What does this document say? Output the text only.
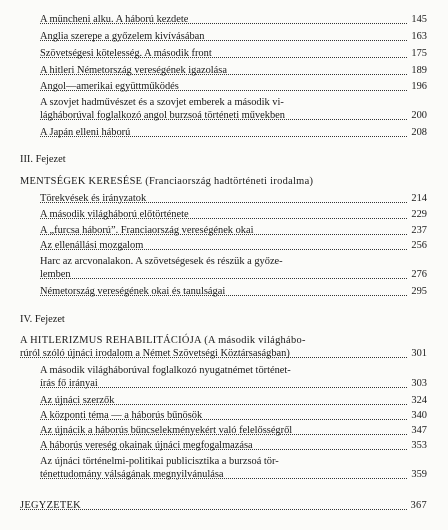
A müncheni alku. A háború kezdete	145
Anglia szerepe a győzelem kivívásában	163
Szövetségesi kötelesség. A második front	175
A hitleri Németország vereségének igazolása	189
Angol—amerikai együttműködés	196
A szovjet hadművészet és a szovjet emberek a második vi-
lágháborúval foglalkozó angol burzsoá történeti művekben	200
A Japán elleni háború	208
III. Fejezet
MENTSÉGEK KERESÉSE (Franciaország hadtörténeti irodalma)
Törekvések és irányzatok	214
A második világháború előtörténete	229
A „furcsa háború”. Franciaország vereségének okai	237
Az ellenállási mozgalom	256
Harc az arcvonalakon. A szövetségesek és részük a győze-
lemben	276
Németország vereségének okai és tanulságai	295
IV. Fejezet
A HITLERIZMUS REHABILITÁCIÓJA (A második világhábo-
rúról szóló újnáci irodalom a Német Szövetségi Köztársaságban)	301
A második világháborúval foglalkozó nyugatnémet történet-
írás fő irányai	303
Az újnáci szerzők	324
A központi téma — a háborús bűnösök	340
Az újnácik a háborús bűncselekményekért való felelősségről	347
A háborús vereség okainak újnáci megfogalmazása	353
Az újnáci történelmi-politikai publicisztika a burzsoá tör-
ténettudomány válságának megnyilvánulása	359
JEGYZETEK	367
